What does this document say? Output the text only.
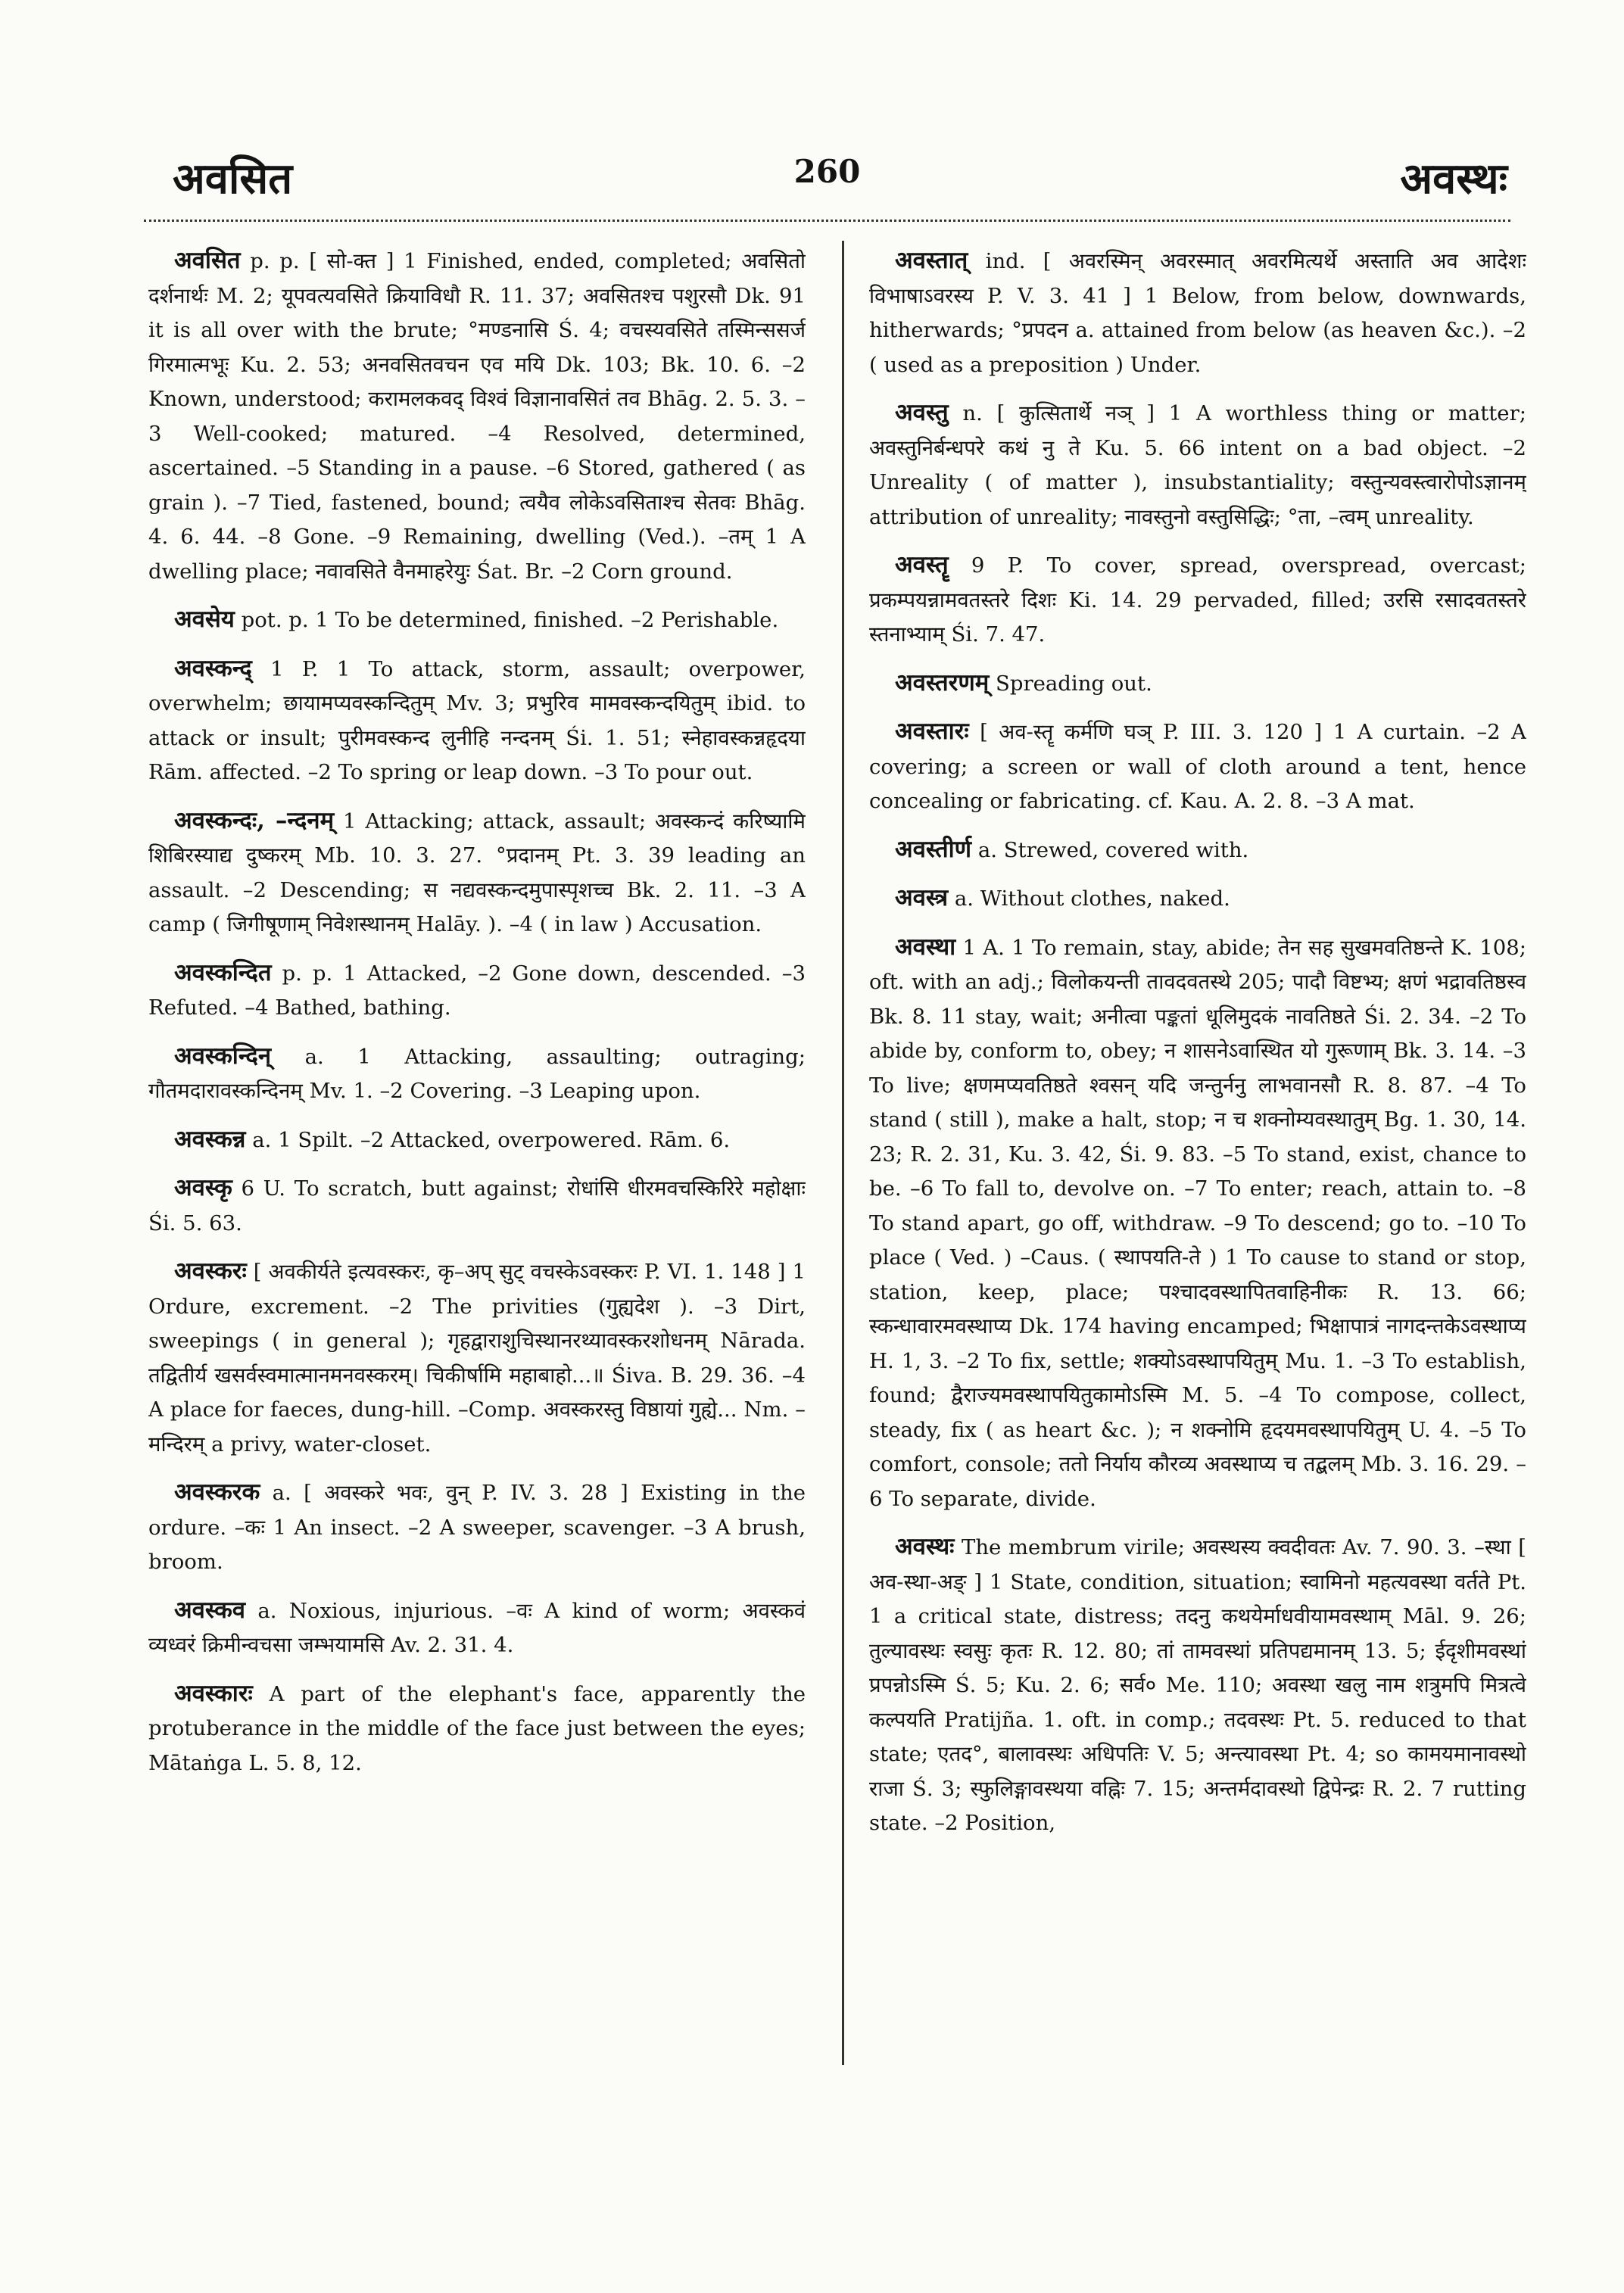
अवसित	260	अवस्थः

अवसित p. p. [ सो-क्त ] 1 Finished, ended, completed; अवसितो दर्शनार्थः M. 2; यूपवत्यवसिते क्रियाविधौ R. 11. 37; अवसितश्च पशुरसौ Dk. 91 it is all over with the brute; °मण्डनासि Ś. 4; वचस्यवसिते तस्मिन्ससर्ज गिरमात्मभूः Ku. 2. 53; अनवसितवचन एव मयि Dk. 103; Bk. 10. 6. –2 Known, understood; करामलकवद् विश्वं विज्ञानावसितं तव Bhāg. 2. 5. 3. –3 Well-cooked; matured. –4 Resolved, determined, ascertained. –5 Standing in a pause. –6 Stored, gathered ( as grain ). –7 Tied, fastened, bound; त्वयैव लोकेऽवसिताश्च सेतवः Bhāg. 4. 6. 44. –8 Gone. –9 Remaining, dwelling (Ved.). –तम् 1 A dwelling place; नवावसिते वैनमाहरेयुः Śat. Br. –2 Corn ground.

अवसेय pot. p. 1 To be determined, finished. –2 Perishable.

अवस्कन्द् 1 P. 1 To attack, storm, assault; overpower, overwhelm; छायामप्यवस्कन्दितुम् Mv. 3; प्रभुरिव मामवस्कन्दयितुम् ibid. to attack or insult; पुरीमवस्कन्द लुनीहि नन्दनम् Śi. 1. 51; स्नेहावस्कन्नहृदया Rām. affected. –2 To spring or leap down. –3 To pour out.

अवस्कन्दः, –न्दनम् 1 Attacking; attack, assault; अवस्कन्दं करिष्यामि शिबिरस्याद्य दुष्करम् Mb. 10. 3. 27. °प्रदानम् Pt. 3. 39 leading an assault. –2 Descending; स नद्यवस्कन्दमुपास्पृशच्च Bk. 2. 11. –3 A camp ( जिगीषूणाम् निवेशस्थानम् Halāy. ). –4 ( in law ) Accusation.

अवस्कन्दित p. p. 1 Attacked, –2 Gone down, descended. –3 Refuted. –4 Bathed, bathing.

अवस्कन्दिन् a. 1 Attacking, assaulting; outraging; गौतमदारावस्कन्दिनम् Mv. 1. –2 Covering. –3 Leaping upon.

अवस्कन्न a. 1 Spilt. –2 Attacked, overpowered. Rām. 6.

अवस्कृ 6 U. To scratch, butt against; रोधांसि धीरमवचस्किरिरे महोक्षाः Śi. 5. 63.

अवस्करः [ अवकीर्यते इत्यवस्करः, कृ–अप् सुट् वचस्केऽवस्करः P. VI. 1. 148 ] 1 Ordure, excrement. –2 The privities (गुह्यदेश ). –3 Dirt, sweepings ( in general ); गृहद्वाराशुचिस्थानरथ्यावस्करशोधनम् Nārada. तद्वितीर्य खसर्वस्वमात्मानमनवस्करम्। चिकीर्षामि महाबाहो...॥ Śiva. B. 29. 36. –4 A place for faeces, dung-hill. –Comp. अवस्करस्तु विष्ठायां गुह्ये... Nm. –मन्दिरम् a privy, water-closet.

अवस्करक a. [ अवस्करे भवः, वुन् P. IV. 3. 28 ] Existing in the ordure. –कः 1 An insect. –2 A sweeper, scavenger. –3 A brush, broom.

अवस्कव a. Noxious, injurious. –वः A kind of worm; अवस्कवं व्यध्वरं क्रिमीन्वचसा जम्भयामसि Av. 2. 31. 4.

अवस्कारः A part of the elephant's face, apparently the protuberance in the middle of the face just between the eyes; Mātaṅga L. 5. 8, 12.

अवस्तात् ind. [ अवरस्मिन् अवरस्मात् अवरमित्यर्थे अस्ताति अव आदेशः विभाषाऽवरस्य P. V. 3. 41 ] 1 Below, from below, downwards, hitherwards; °प्रपदन a. attained from below (as heaven &c.). –2 ( used as a preposition ) Under.

अवस्तु n. [ कुत्सितार्थे नञ् ] 1 A worthless thing or matter; अवस्तुनिर्बन्धपरे कथं नु ते Ku. 5. 66 intent on a bad object. –2 Unreality ( of matter ), insubstantiality; वस्तुन्यवस्त्वारोपोऽज्ञानम् attribution of unreality; नावस्तुनो वस्तुसिद्धिः; °ता, –त्वम् unreality.

अवस्तॄ 9 P. To cover, spread, overspread, overcast; प्रकम्पयन्नामवतस्तरे दिशः Ki. 14. 29 pervaded, filled; उरसि रसादवतस्तरे स्तनाभ्याम् Śi. 7. 47.

अवस्तरणम् Spreading out.

अवस्तारः [ अव-स्तॄ कर्मणि घञ् P. III. 3. 120 ] 1 A curtain. –2 A covering; a screen or wall of cloth around a tent, hence concealing or fabricating. cf. Kau. A. 2. 8. –3 A mat.

अवस्तीर्ण a. Strewed, covered with.

अवस्त्र a. Without clothes, naked.

अवस्था 1 A. 1 To remain, stay, abide; तेन सह सुखमवतिष्ठन्ते K. 108; oft. with an adj.; विलोकयन्ती तावदवतस्थे 205; पादौ विष्टभ्य; क्षणं भद्रावतिष्ठस्व Bk. 8. 11 stay, wait; अनीत्वा पङ्कतां धूलिमुदकं नावतिष्ठते Śi. 2. 34. –2 To abide by, conform to, obey; न शासनेऽवास्थित यो गुरूणाम् Bk. 3. 14. –3 To live; क्षणमप्यवतिष्ठते श्वसन् यदि जन्तुर्ननु लाभवानसौ R. 8. 87. –4 To stand ( still ), make a halt, stop; न च शक्नोम्यवस्थातुम् Bg. 1. 30, 14. 23; R. 2. 31, Ku. 3. 42, Śi. 9. 83. –5 To stand, exist, chance to be. –6 To fall to, devolve on. –7 To enter; reach, attain to. –8 To stand apart, go off, withdraw. –9 To descend; go to. –10 To place ( Ved. ) –Caus. ( स्थापयति-ते ) 1 To cause to stand or stop, station, keep, place; पश्चादवस्थापितवाहिनीकः R. 13. 66; स्कन्धावारमवस्थाप्य Dk. 174 having encamped; भिक्षापात्रं नागदन्तकेऽवस्थाप्य H. 1, 3. –2 To fix, settle; शक्योऽवस्थापयितुम् Mu. 1. –3 To establish, found; द्वैराज्यमवस्थापयितुकामोऽस्मि M. 5. –4 To compose, collect, steady, fix ( as heart &c. ); न शक्नोमि हृदयमवस्थापयितुम् U. 4. –5 To comfort, console; ततो निर्याय कौरव्य अवस्थाप्य च तद्बलम् Mb. 3. 16. 29. –6 To separate, divide.

अवस्थः The membrum virile; अवस्थस्य क्वदीवतः Av. 7. 90. 3. –स्था [ अव-स्था-अङ् ] 1 State, condition, situation; स्वामिनो महत्यवस्था वर्तते Pt. 1 a critical state, distress; तदनु कथयेर्माधवीयामवस्थाम् Māl. 9. 26; तुल्यावस्थः स्वसुः कृतः R. 12. 80; तां तामवस्थां प्रतिपद्यमानम् 13. 5; ईदृशीमवस्थां प्रपन्नोऽस्मि Ś. 5; Ku. 2. 6; सर्व० Me. 110; अवस्था खलु नाम शत्रुमपि मित्रत्वे कल्पयति Pratijña. 1. oft. in comp.; तदवस्थः Pt. 5. reduced to that state; एतद°, बालावस्थः अधिपतिः V. 5; अन्त्यावस्था Pt. 4; so कामयमानावस्थो राजा Ś. 3; स्फुलिङ्गावस्थया वह्निः 7. 15; अन्तर्मदावस्थो द्विपेन्द्रः R. 2. 7 rutting state. –2 Position,
